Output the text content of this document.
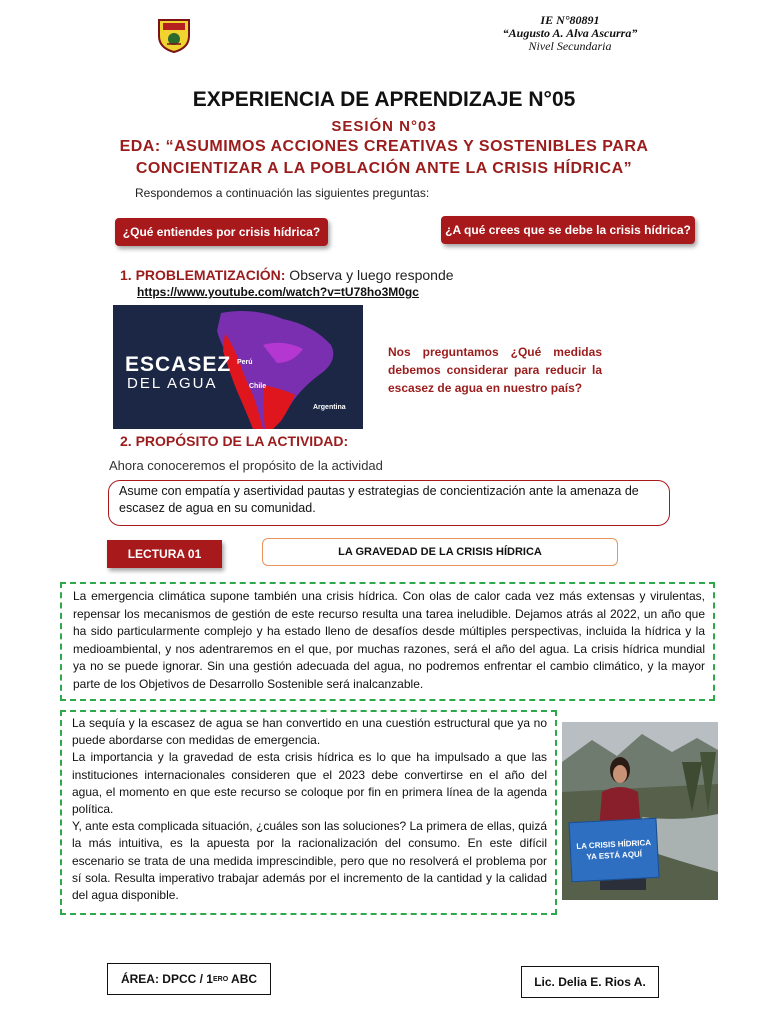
IE N°80891
“Augusto A. Alva Ascurra”
Nivel Secundaria
EXPERIENCIA DE APRENDIZAJE N°05
SESIÓN N°03
EDA: “ASUMIMOS ACCIONES CREATIVAS Y SOSTENIBLES PARA
CONCIENTIZAR A LA POBLACIÓN ANTE LA CRISIS HÍDRICA”
Respondemos a continuación las siguientes preguntas:
¿Qué entiendes por crisis hídrica?	¿A qué crees que se debe la crisis hídrica?
1. PROBLEMATIZACIÓN: Observa y luego responde
https://www.youtube.com/watch?v=tU78ho3M0gc
ESCASEZ
DEL AGUA
Perú
Chile
Argentina
Nos preguntamos ¿Qué medidas debemos considerar para reducir la escasez de agua en nuestro país?
2. PROPÓSITO DE LA ACTIVIDAD:
Ahora conoceremos el propósito de la actividad
Asume con empatía y asertividad pautas y estrategias de concientización ante la amenaza de escasez de agua en su comunidad.
LECTURA 01	LA GRAVEDAD DE LA CRISIS HÍDRICA
La emergencia climática supone también una crisis hídrica. Con olas de calor cada vez más extensas y virulentas, repensar los mecanismos de gestión de este recurso resulta una tarea ineludible. Dejamos atrás al 2022, un año que ha sido particularmente complejo y ha estado lleno de desafíos desde múltiples perspectivas, incluida la hídrica y la medioambiental, y nos adentraremos en el que, por muchas razones, será el año del agua. La crisis hídrica mundial ya no se puede ignorar. Sin una gestión adecuada del agua, no podremos enfrentar el cambio climático, y la mayor parte de los Objetivos de Desarrollo Sostenible será inalcanzable.
La sequía y la escasez de agua se han convertido en una cuestión estructural que ya no puede abordarse con medidas de emergencia.
La importancia y la gravedad de esta crisis hídrica es lo que ha impulsado a que las instituciones internacionales consideren que el 2023 debe convertirse en el año del agua, el momento en que este recurso se coloque por fin en primera línea de la agenda política.
Y, ante esta complicada situación, ¿cuáles son las soluciones? La primera de ellas, quizá la más intuitiva, es la apuesta por la racionalización del consumo. En este difícil escenario se trata de una medida imprescindible, pero que no resolverá el problema por sí sola. Resulta imperativo trabajar además por el incremento de la cantidad y la calidad del agua disponible.
LA CRISIS HÍDRICA
YA ESTÁ AQUÍ
ÁREA: DPCC / 1 ERO ABC	Lic. Delia E. Rios A.
